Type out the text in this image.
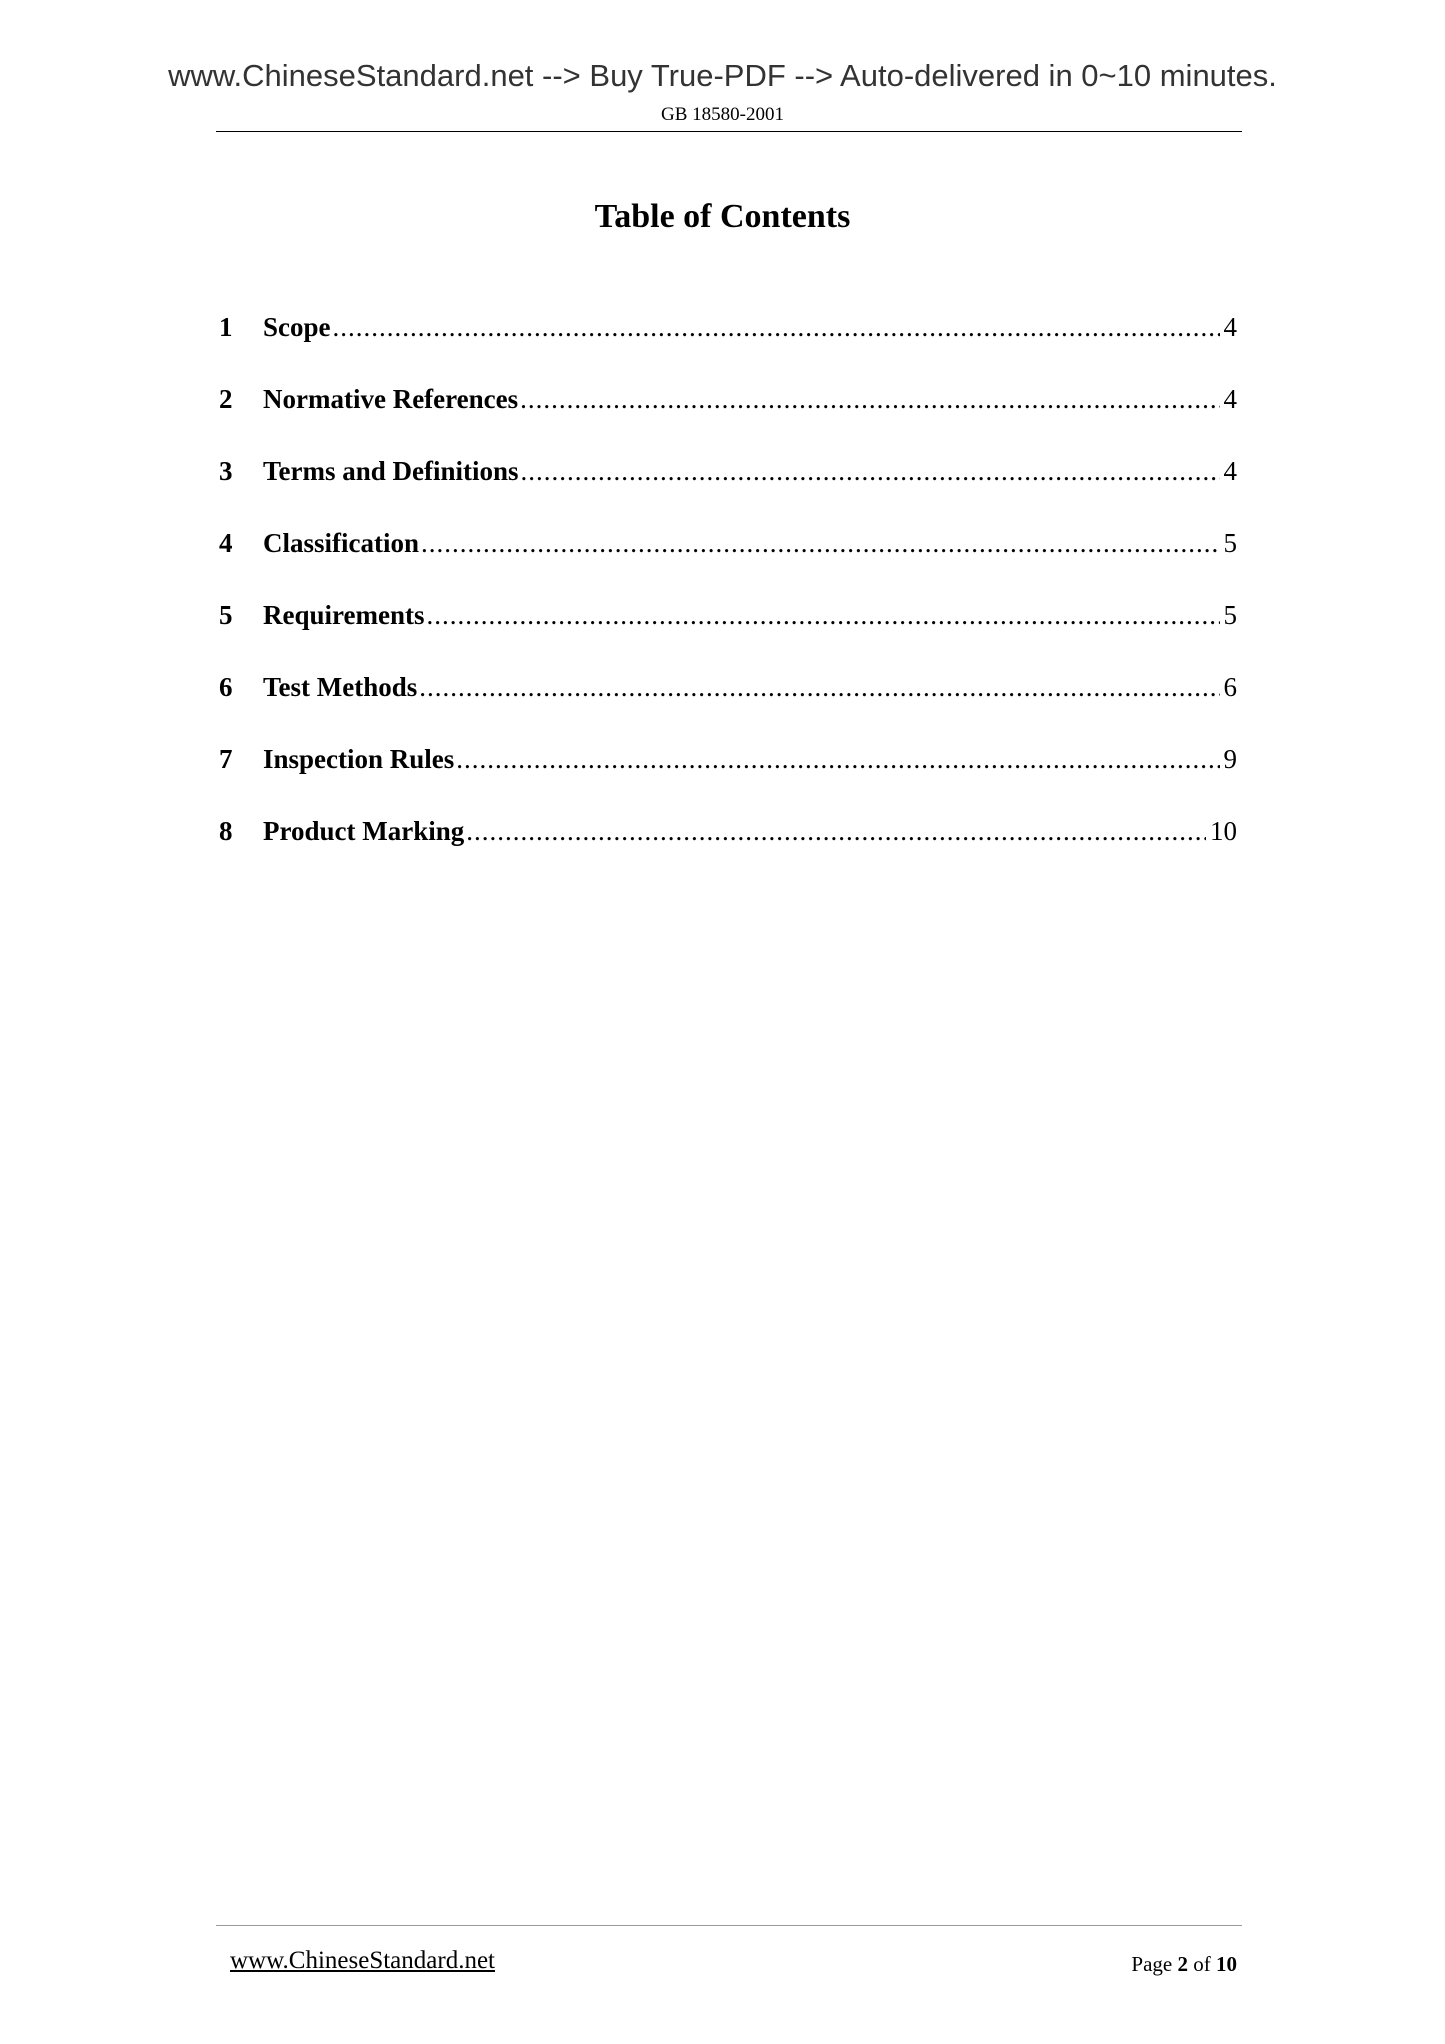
www.ChineseStandard.net --> Buy True-PDF --> Auto-delivered in 0~10 minutes.
GB 18580-2001
Table of Contents
1	Scope .....	4
2	Normative References .....	4
3	Terms and Definitions .....	4
4	Classification .....	5
5	Requirements .....	5
6	Test Methods .....	6
7	Inspection Rules .....	9
8	Product Marking .....	10
www.ChineseStandard.net	Page 2 of 10
